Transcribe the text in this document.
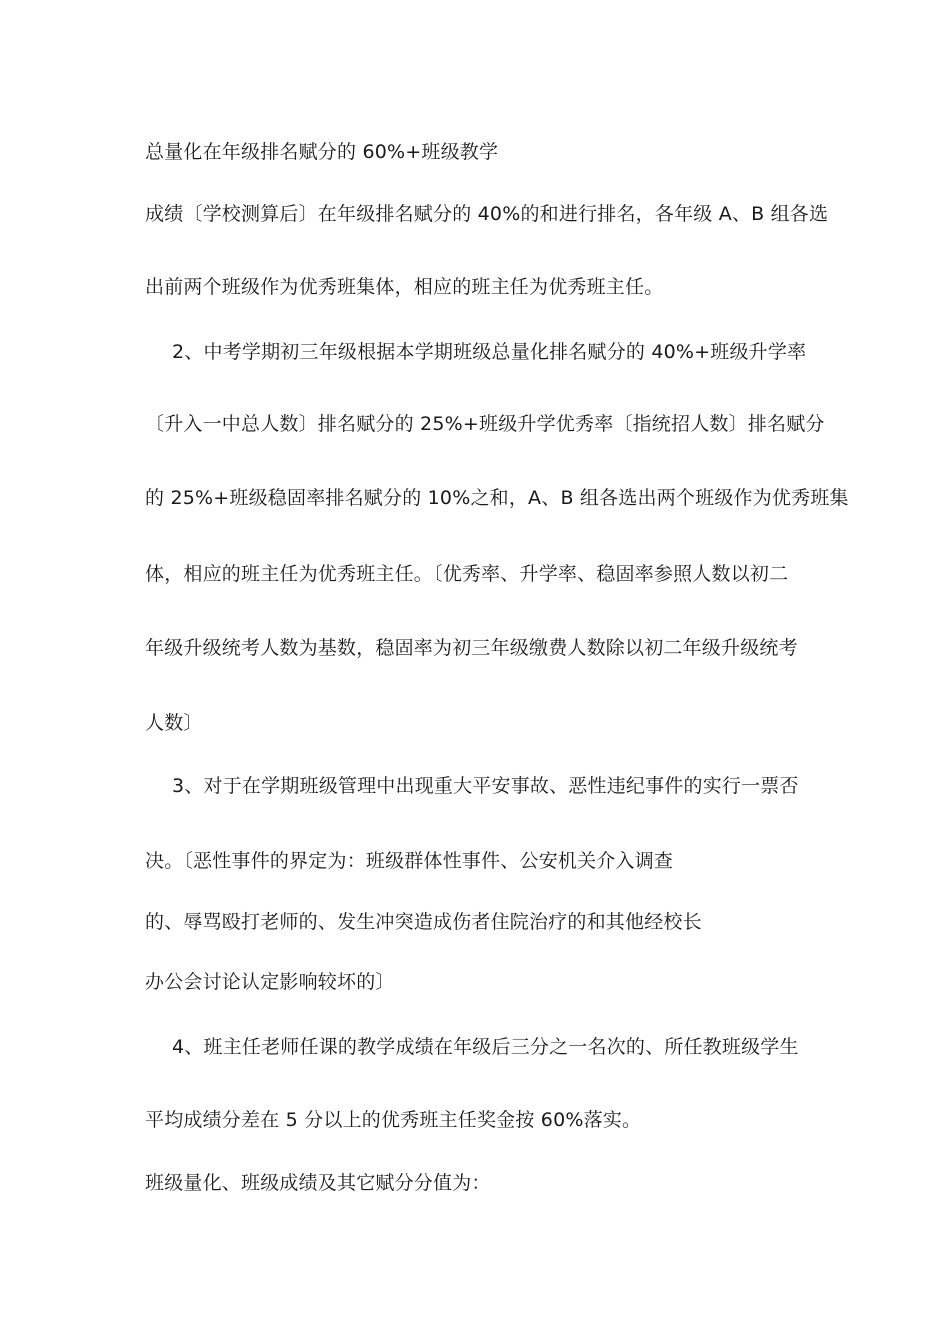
总量化在年级排名赋分的 60%+班级教学
成绩〔学校测算后〕在年级排名赋分的 40%的和进行排名，各年级 A、B 组各选
出前两个班级作为优秀班集体，相应的班主任为优秀班主任。
2、中考学期初三年级根据本学期班级总量化排名赋分的 40%+班级升学率
〔升入一中总人数〕排名赋分的 25%+班级升学优秀率〔指统招人数〕排名赋分
的 25%+班级稳固率排名赋分的 10%之和，A、B 组各选出两个班级作为优秀班集
体，相应的班主任为优秀班主任。〔优秀率、升学率、稳固率参照人数以初二
年级升级统考人数为基数，稳固率为初三年级缴费人数除以初二年级升级统考
人数〕
3、对于在学期班级管理中出现重大平安事故、恶性违纪事件的实行一票否
决。〔恶性事件的界定为：班级群体性事件、公安机关介入调查
的、辱骂殴打老师的、发生冲突造成伤者住院治疗的和其他经校长
办公会讨论认定影响较坏的〕
4、班主任老师任课的教学成绩在年级后三分之一名次的、所任教班级学生
平均成绩分差在 5 分以上的优秀班主任奖金按 60%落实。
班级量化、班级成绩及其它赋分分值为：
